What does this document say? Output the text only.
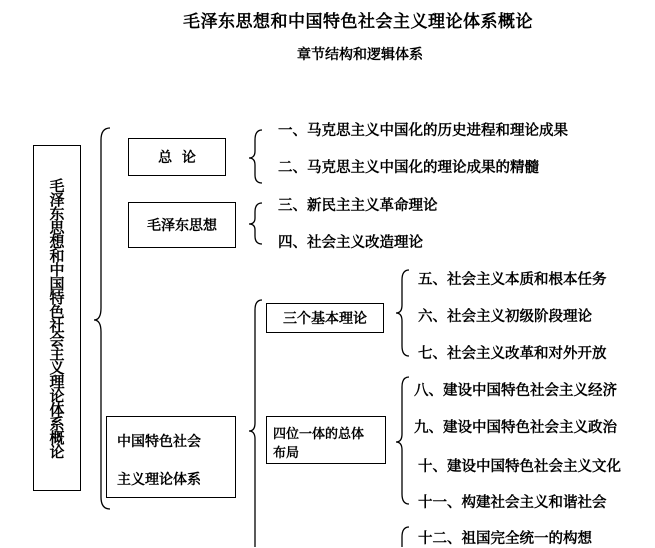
毛泽东思想和中国特色社会主义理论体系概论
章节结构和逻辑体系
毛泽东思想和中国特色社会主义理论体系概论
总  论
一、马克思主义中国化的历史进程和理论成果
二、马克思主义中国化的理论成果的精髓
毛泽东思想
三、新民主主义革命理论
四、社会主义改造理论
中国特色社会
主义理论体系
三个基本理论
五、社会主义本质和根本任务
六、社会主义初级阶段理论
七、社会主义改革和对外开放
四位一体的总体
布局
八、建设中国特色社会主义经济
九、建设中国特色社会主义政治
十、建设中国特色社会主义文化
十一、构建社会主义和谐社会
十二、祖国完全统一的构想
